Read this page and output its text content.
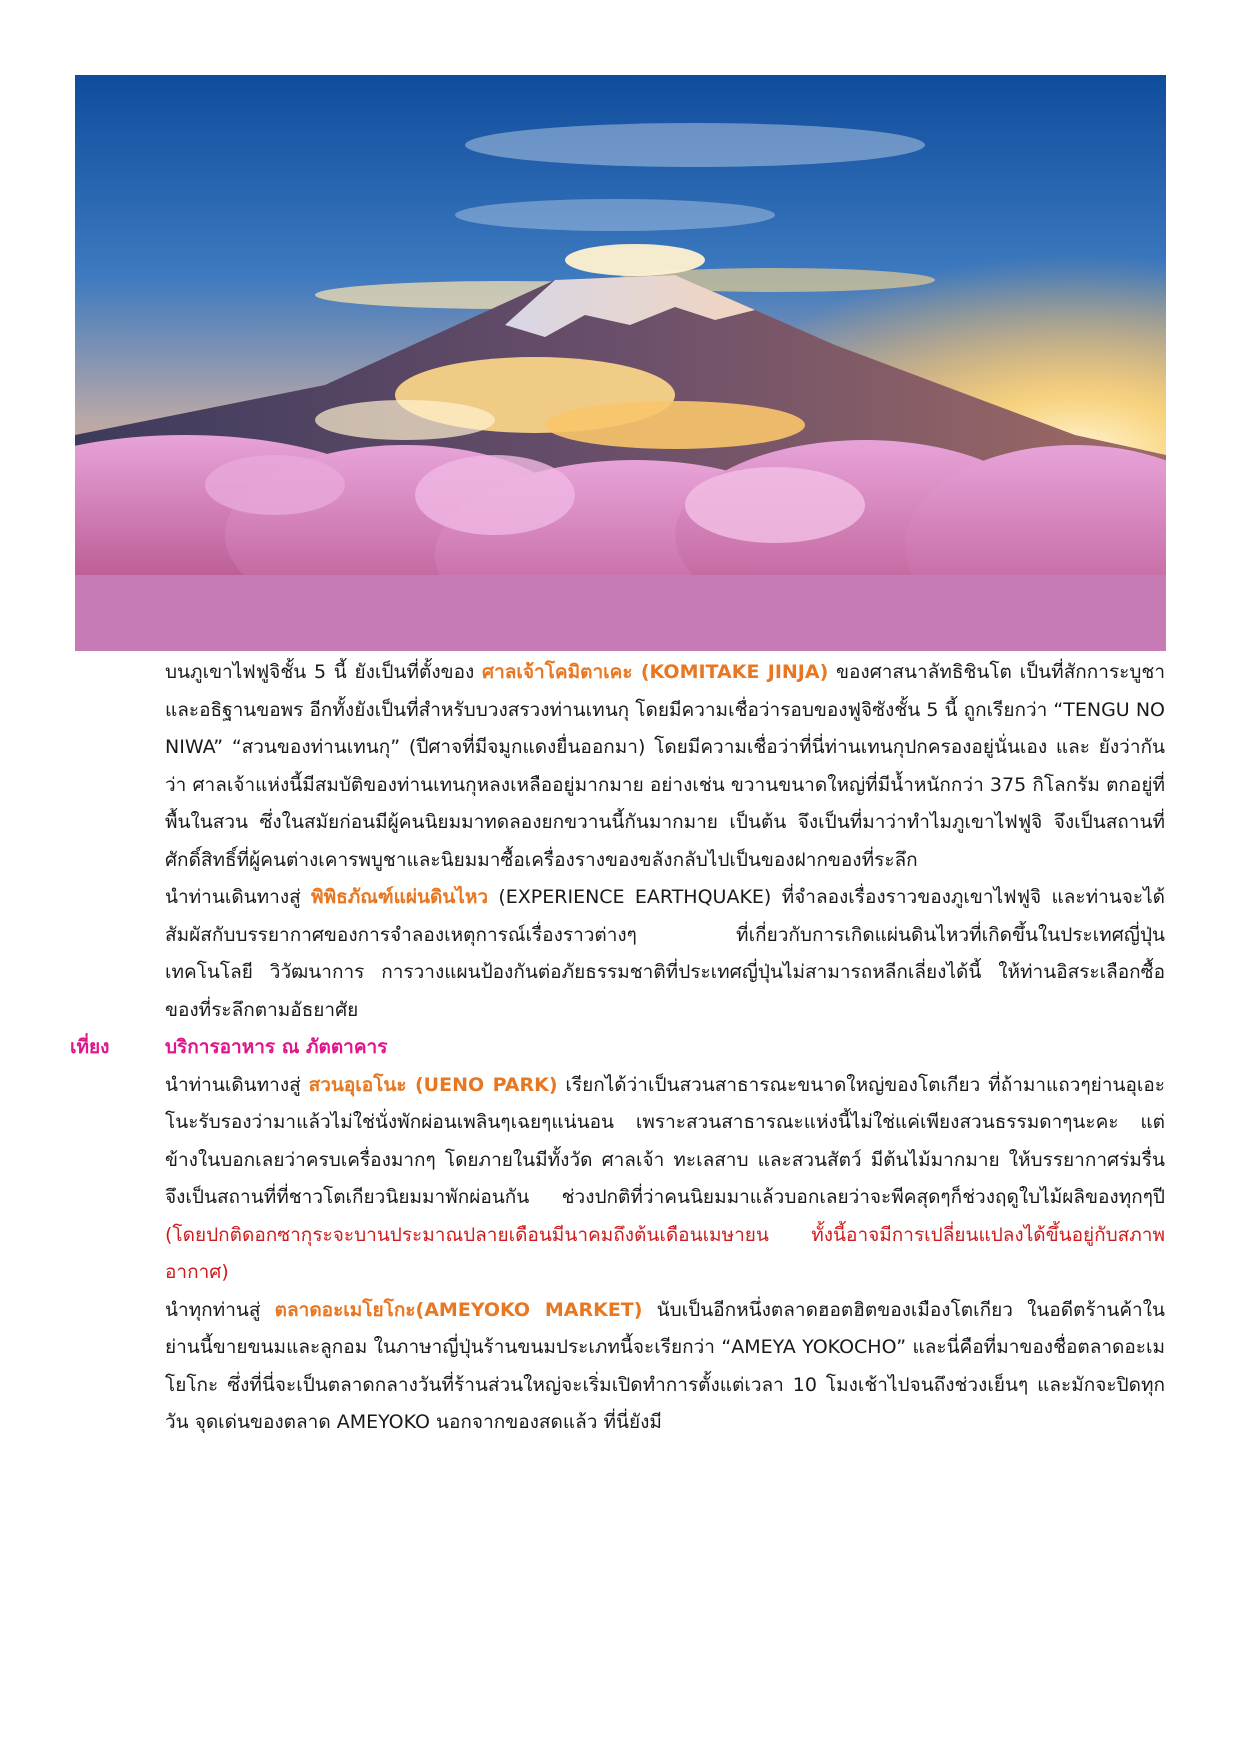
บนภูเขาไฟฟูจิชั้น 5 นี้ ยังเป็นที่ตั้งของ ศาลเจ้าโคมิตาเคะ (KOMITAKE JINJA) ของศาสนาลัทธิชินโต เป็นที่สักการะบูชาและอธิฐานขอพร อีกทั้งยังเป็นที่สำหรับบวงสรวงท่านเทนกุ โดยมีความเชื่อว่ารอบของฟูจิซังชั้น 5 นี้ ถูกเรียกว่า “TENGU NO NIWA” “สวนของท่านเทนกุ” (ปีศาจที่มีจมูกแดงยื่นออกมา) โดยมีความเชื่อว่าที่นี่ท่านเทนกุปกครองอยู่นั่นเอง และ ยังว่ากันว่า ศาลเจ้าแห่งนี้มีสมบัติของท่านเทนกุหลงเหลืออยู่มากมาย อย่างเช่น ขวานขนาดใหญ่ที่มีน้ำหนักกว่า 375 กิโลกรัม ตกอยู่ที่พื้นในสวน ซึ่งในสมัยก่อนมีผู้คนนิยมมาทดลองยกขวานนี้กันมากมาย เป็นต้น จึงเป็นที่มาว่าทำไมภูเขาไฟฟูจิ จึงเป็นสถานที่ศักดิ์สิทธิ์ที่ผู้คนต่างเคารพบูชาและนิยมมาซื้อเครื่องรางของขลังกลับไปเป็นของฝากของที่ระลึก

นำท่านเดินทางสู่ พิพิธภัณฑ์แผ่นดินไหว (EXPERIENCE EARTHQUAKE) ที่จำลองเรื่องราวของภูเขาไฟฟูจิ และท่านจะได้สัมผัสกับบรรยากาศของการจำลองเหตุการณ์เรื่องราวต่างๆ ที่เกี่ยวกับการเกิดแผ่นดินไหวที่เกิดขึ้นในประเทศญี่ปุ่น เทคโนโลยี วิวัฒนาการ การวางแผนป้องกันต่อภัยธรรมชาติที่ประเทศญี่ปุ่นไม่สามารถหลีกเลี่ยงได้นี้ ให้ท่านอิสระเลือกซื้อของที่ระลึกตามอัธยาศัย

เที่ยง	บริการอาหาร ณ ภัตตาคาร

นำท่านเดินทางสู่ สวนอุเอโนะ (UENO PARK) เรียกได้ว่าเป็นสวนสาธารณะขนาดใหญ่ของโตเกียว ที่ถ้ามาแถวๆย่านอุเอะโนะรับรองว่ามาแล้วไม่ใช่นั่งพักผ่อนเพลินๆเฉยๆแน่นอน เพราะสวนสาธารณะแห่งนี้ไม่ใช่แค่เพียงสวนธรรมดาๆนะคะ แต่ข้างในบอกเลยว่าครบเครื่องมากๆ โดยภายในมีทั้งวัด ศาลเจ้า ทะเลสาบ และสวนสัตว์ มีต้นไม้มากมาย ให้บรรยากาศร่มรื่นจึงเป็นสถานที่ที่ชาวโตเกียวนิยมมาพักผ่อนกัน ช่วงปกติที่ว่าคนนิยมมาแล้วบอกเลยว่าจะพีคสุดๆก็ช่วงฤดูใบไม้ผลิของทุกๆปี (โดยปกติดอกซากุระจะบานประมาณปลายเดือนมีนาคมถึงต้นเดือนเมษายน ทั้งนี้อาจมีการเปลี่ยนแปลงได้ขึ้นอยู่กับสภาพอากาศ)

นำทุกท่านสู่ ตลาดอะเมโยโกะ(AMEYOKO MARKET) นับเป็นอีกหนึ่งตลาดฮอตฮิตของเมืองโตเกียว ในอดีตร้านค้าในย่านนี้ขายขนมและลูกอม ในภาษาญี่ปุ่นร้านขนมประเภทนี้จะเรียกว่า “AMEYA YOKOCHO” และนี่คือที่มาของชื่อตลาดอะเมโยโกะ ซึ่งที่นี่จะเป็นตลาดกลางวันที่ร้านส่วนใหญ่จะเริ่มเปิดทำการตั้งแต่เวลา 10 โมงเช้าไปจนถึงช่วงเย็นๆ และมักจะปิดทุกวัน จุดเด่นของตลาด AMEYOKO นอกจากของสดแล้ว ที่นี่ยังมี
